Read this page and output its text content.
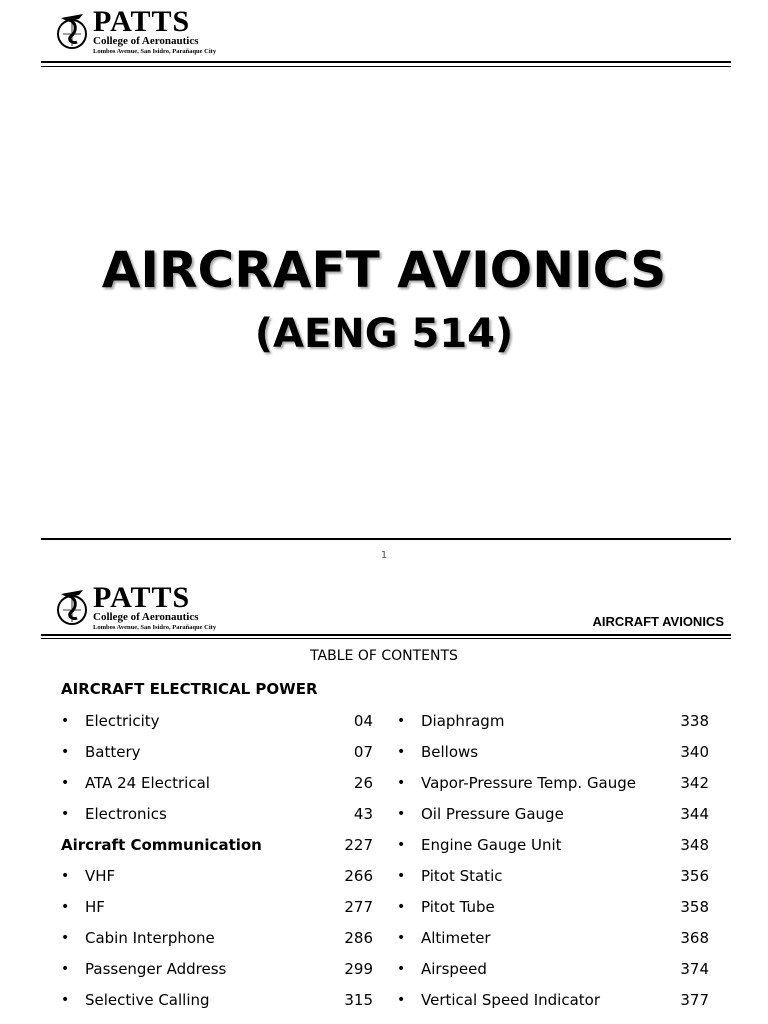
PATTS
College of Aeronautics
Lombos Avenue, San Isidro, Parañaque City
AIRCRAFT AVIONICS
(AENG 514)
1
PATTS
College of Aeronautics
Lombos Avenue, San Isidro, Parañaque City	AIRCRAFT AVIONICS
TABLE OF CONTENTS
AIRCRAFT ELECTRICAL POWER
•	Electricity	04
•	Battery	07
•	ATA 24 Electrical	26
•	Electronics	43
Aircraft Communication	227
•	VHF	266
•	HF	277
•	Cabin Interphone	286
•	Passenger Address	299
•	Selective Calling	315
•	Diaphragm	338
•	Bellows	340
•	Vapor-Pressure Temp. Gauge	342
•	Oil Pressure Gauge	344
•	Engine Gauge Unit	348
•	Pitot Static	356
•	Pitot Tube	358
•	Altimeter	368
•	Airspeed	374
•	Vertical Speed Indicator	377
